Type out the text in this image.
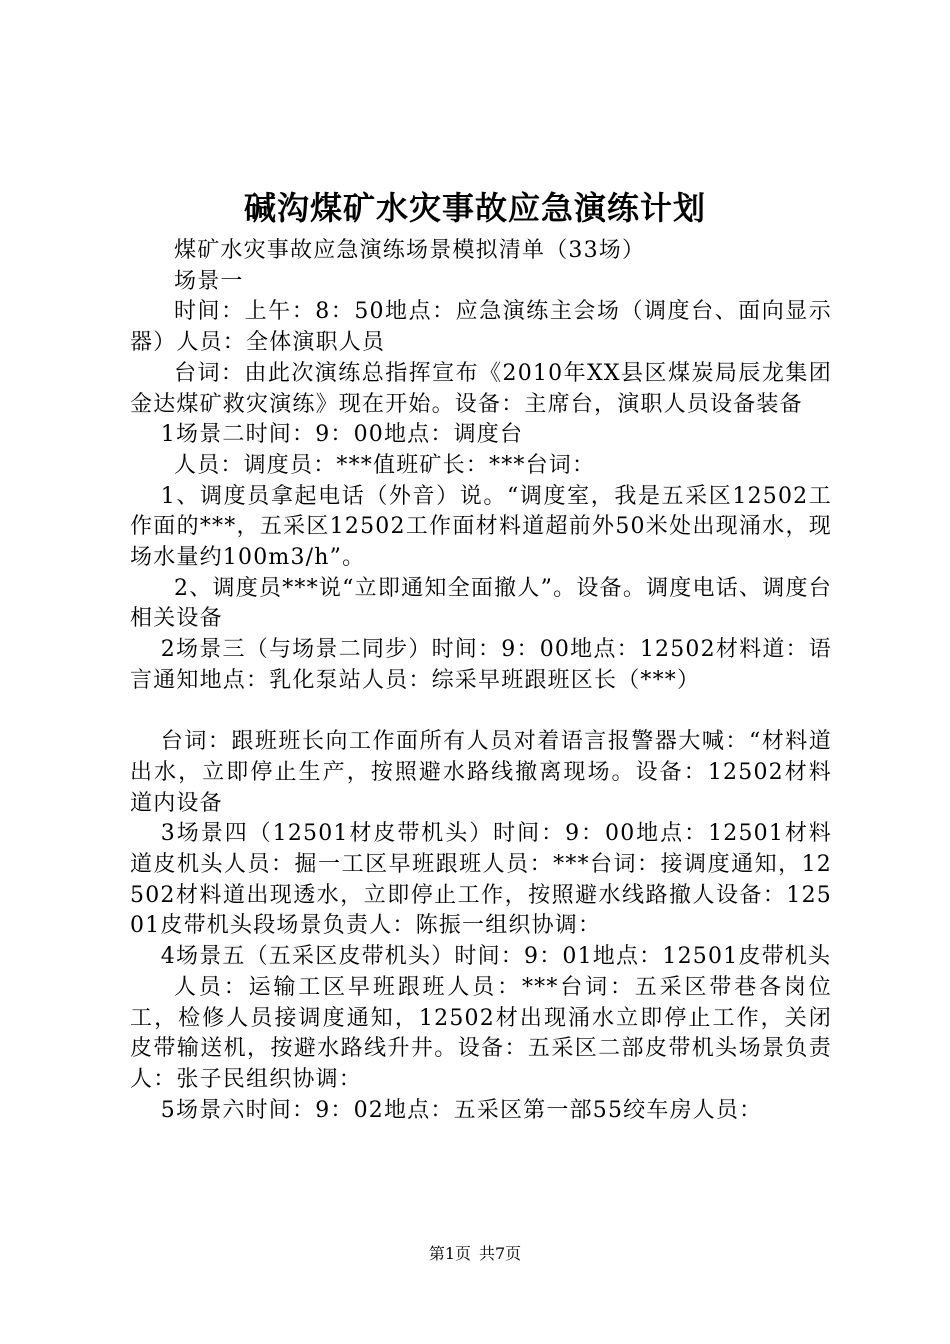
碱沟煤矿水灾事故应急演练计划

煤矿水灾事故应急演练场景模拟清单（33场）

场景一

时间：上午：8：50地点：应急演练主会场（调度台、面向显示器）人员：全体演职人员

台词：由此次演练总指挥宣布《2010年XX县区煤炭局辰龙集团金达煤矿救灾演练》现在开始。设备：主席台，演职人员设备装备

1场景二时间：9：00地点：调度台

人员：调度员：***值班矿长：***台词：

1、调度员拿起电话（外音）说。“调度室，我是五采区12502工作面的***，五采区12502工作面材料道超前外50米处出现涌水，现场水量约100m3/h”。

2、调度员***说“立即通知全面撤人”。设备。调度电话、调度台相关设备

2场景三（与场景二同步）时间：9：00地点：12502材料道：语言通知地点：乳化泵站人员：综采早班跟班区长（***）

台词：跟班班长向工作面所有人员对着语言报警器大喊：“材料道出水，立即停止生产，按照避水路线撤离现场。设备：12502材料道内设备

3场景四（12501材皮带机头）时间：9：00地点：12501材料道皮机头人员：掘一工区早班跟班人员：***台词：接调度通知，12502材料道出现透水，立即停止工作，按照避水线路撤人设备：12501皮带机头段场景负责人：陈振一组织协调：

4场景五（五采区皮带机头）时间：9：01地点：12501皮带机头

人员：运输工区早班跟班人员：***台词：五采区带巷各岗位工，检修人员接调度通知，12502材出现涌水立即停止工作，关闭皮带输送机，按避水路线升井。设备：五采区二部皮带机头场景负责人：张子民组织协调：

5场景六时间：9：02地点：五采区第一部55绞车房人员：

第1页 共7页
